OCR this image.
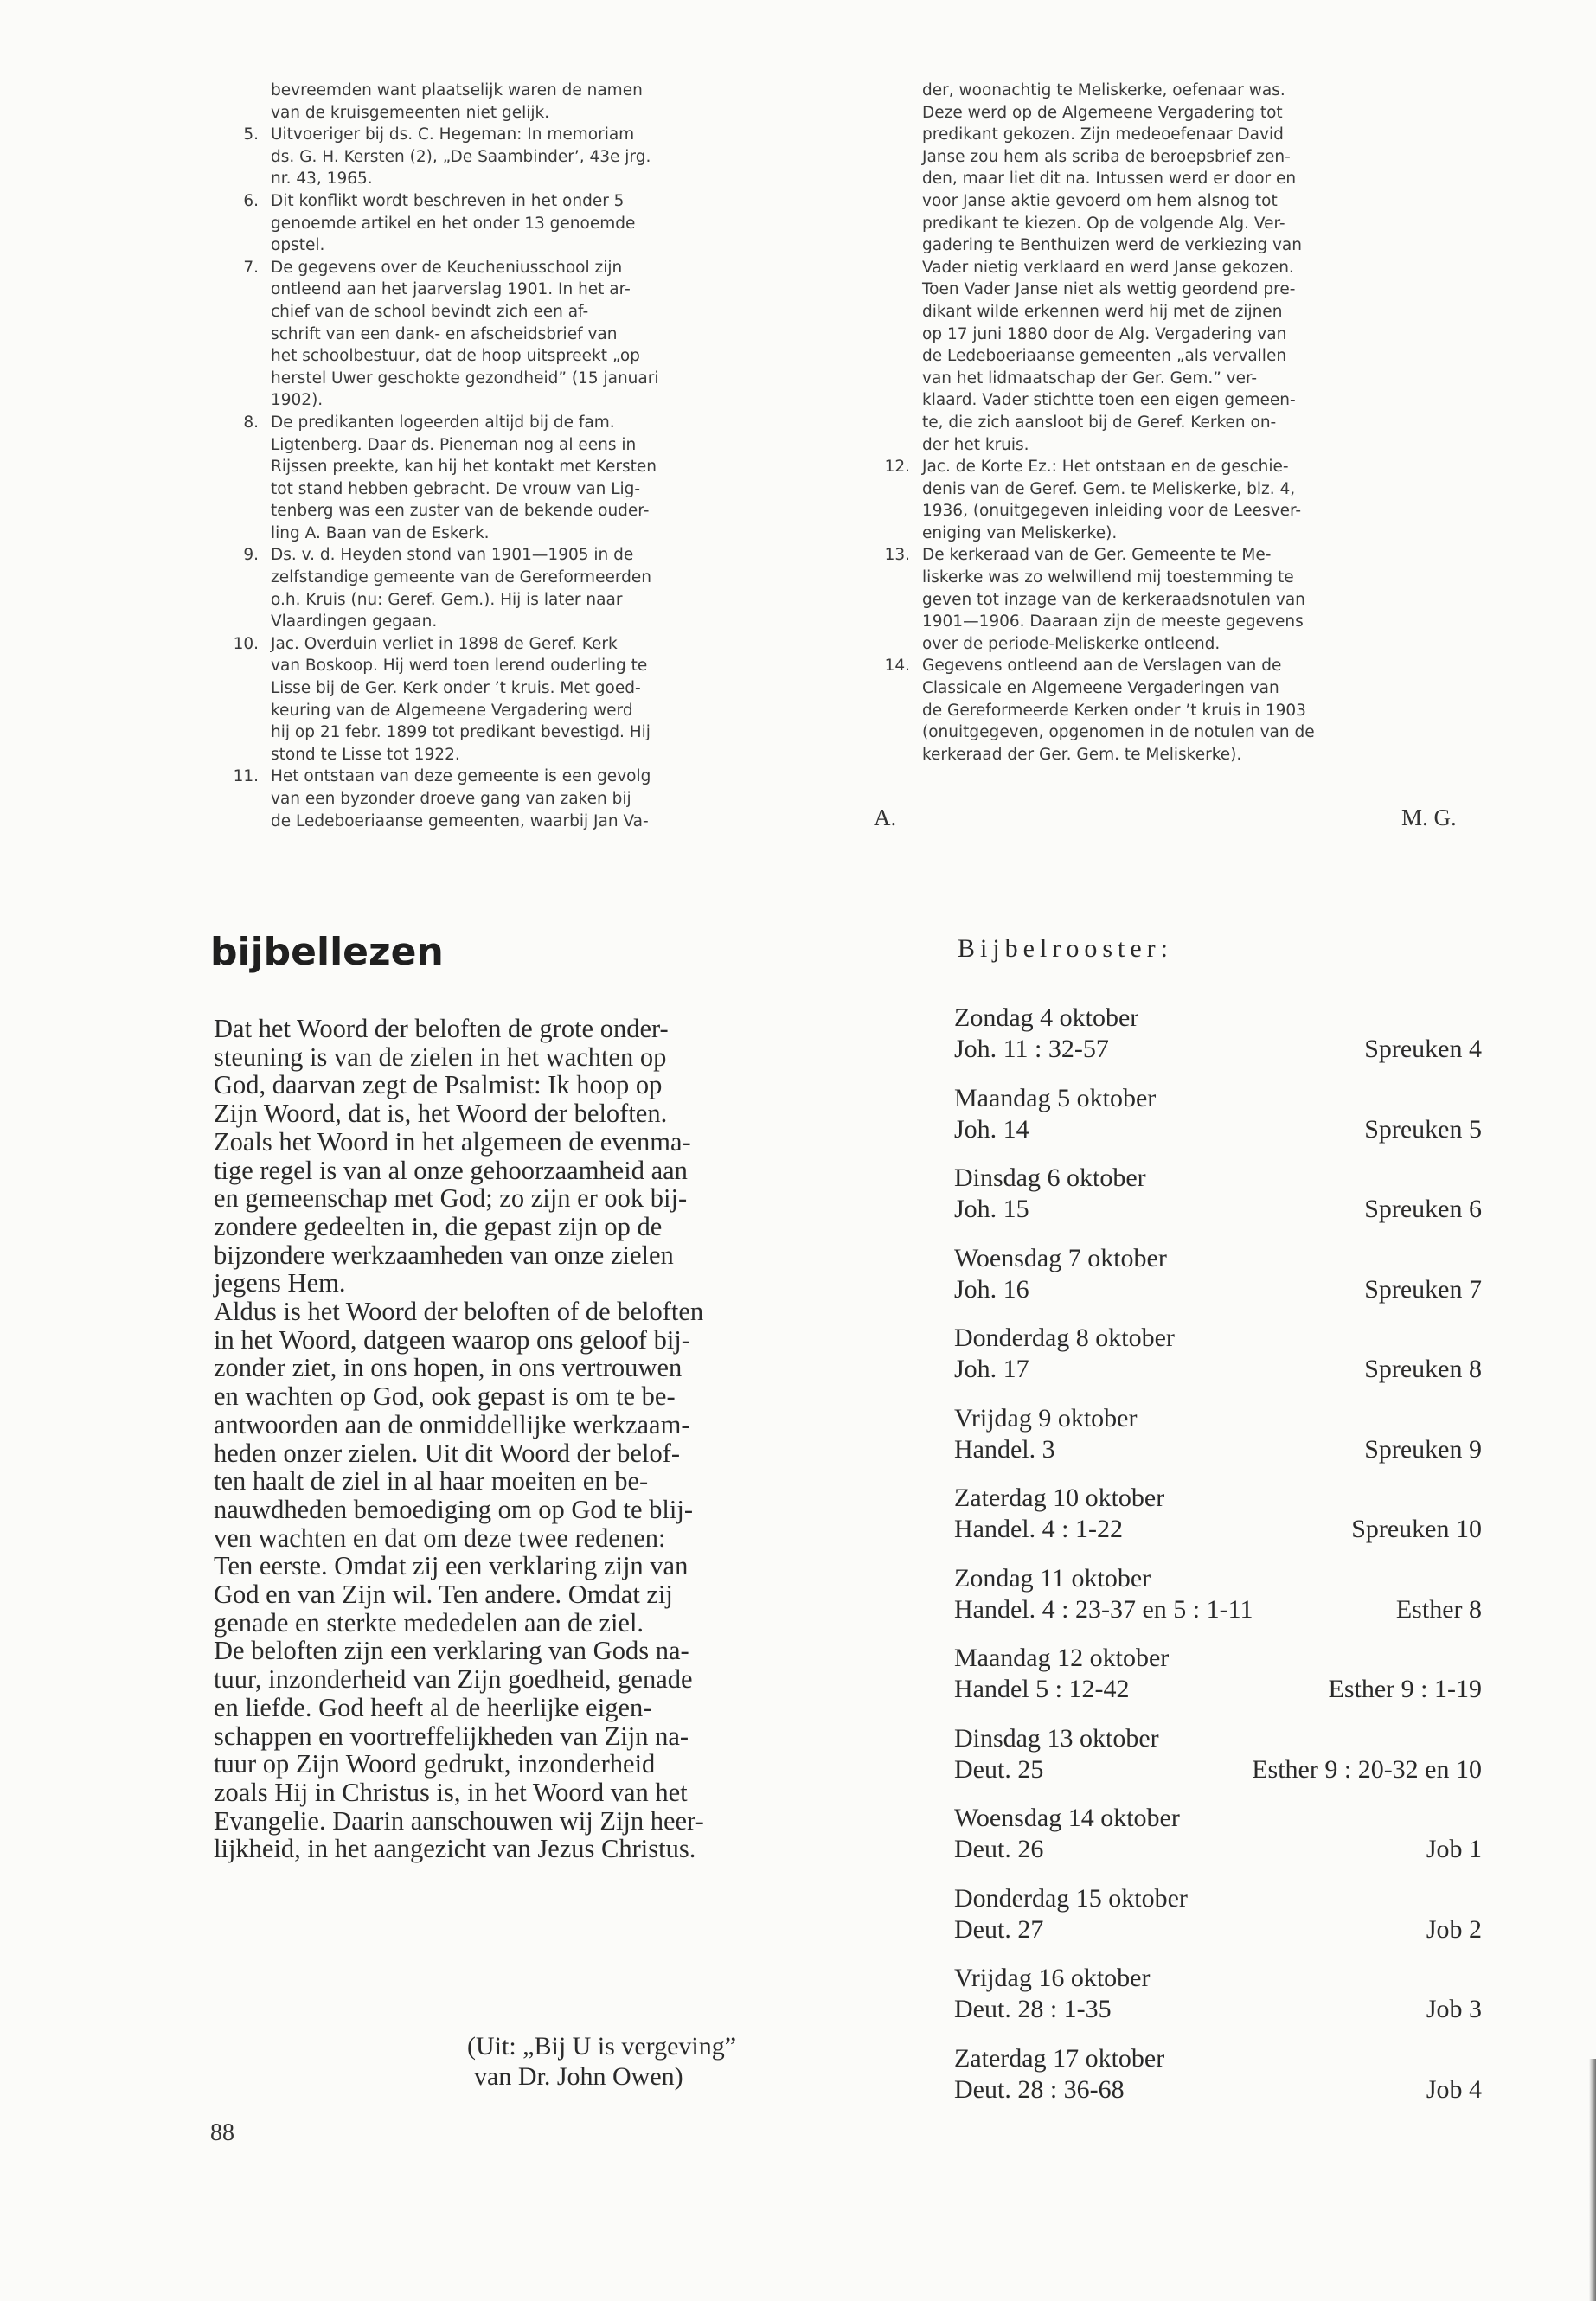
bevreemden want plaatselijk waren de namen
van de kruisgemeenten niet gelijk.
5. Uitvoeriger bij ds. C. Hegeman: In memoriam
ds. G. H. Kersten (2), „De Saambinder’, 43e jrg.
nr. 43, 1965.
6. Dit konflikt wordt beschreven in het onder 5
genoemde artikel en het onder 13 genoemde
opstel.
7. De gegevens over de Keucheniusschool zijn
ontleend aan het jaarverslag 1901. In het ar-
chief van de school bevindt zich een af-
schrift van een dank- en afscheidsbrief van
het schoolbestuur, dat de hoop uitspreekt „op
herstel Uwer geschokte gezondheid” (15 januari
1902).
8. De predikanten logeerden altijd bij de fam.
Ligtenberg. Daar ds. Pieneman nog al eens in
Rijssen preekte, kan hij het kontakt met Kersten
tot stand hebben gebracht. De vrouw van Lig-
tenberg was een zuster van de bekende ouder-
ling A. Baan van de Eskerk.
9. Ds. v. d. Heyden stond van 1901—1905 in de
zelfstandige gemeente van de Gereformeerden
o.h. Kruis (nu: Geref. Gem.). Hij is later naar
Vlaardingen gegaan.
10. Jac. Overduin verliet in 1898 de Geref. Kerk
van Boskoop. Hij werd toen lerend ouderling te
Lisse bij de Ger. Kerk onder ’t kruis. Met goed-
keuring van de Algemeene Vergadering werd
hij op 21 febr. 1899 tot predikant bevestigd. Hij
stond te Lisse tot 1922.
11. Het ontstaan van deze gemeente is een gevolg
van een byzonder droeve gang van zaken bij
de Ledeboeriaanse gemeenten, waarbij Jan Va-
der, woonachtig te Meliskerke, oefenaar was.
Deze werd op de Algemeene Vergadering tot
predikant gekozen. Zijn medeoefenaar David
Janse zou hem als scriba de beroepsbrief zen-
den, maar liet dit na. Intussen werd er door en
voor Janse aktie gevoerd om hem alsnog tot
predikant te kiezen. Op de volgende Alg. Ver-
gadering te Benthuizen werd de verkiezing van
Vader nietig verklaard en werd Janse gekozen.
Toen Vader Janse niet als wettig geordend pre-
dikant wilde erkennen werd hij met de zijnen
op 17 juni 1880 door de Alg. Vergadering van
de Ledeboeriaanse gemeenten „als vervallen
van het lidmaatschap der Ger. Gem.” ver-
klaard. Vader stichtte toen een eigen gemeen-
te, die zich aansloot bij de Geref. Kerken on-
der het kruis.
12. Jac. de Korte Ez.: Het ontstaan en de geschie-
denis van de Geref. Gem. te Meliskerke, blz. 4,
1936, (onuitgegeven inleiding voor de Leesver-
eniging van Meliskerke).
13. De kerkeraad van de Ger. Gemeente te Me-
liskerke was zo welwillend mij toestemming te
geven tot inzage van de kerkeraadsnotulen van
1901—1906. Daaraan zijn de meeste gegevens
over de periode-Meliskerke ontleend.
14. Gegevens ontleend aan de Verslagen van de
Classicale en Algemeene Vergaderingen van
de Gereformeerde Kerken onder ’t kruis in 1903
(onuitgegeven, opgenomen in de notulen van de
kerkeraad der Ger. Gem. te Meliskerke).
A.	M. G.
bijbellezen	Bijbelrooster:
Dat het Woord der beloften de grote onder-
steuning is van de zielen in het wachten op
God, daarvan zegt de Psalmist: Ik hoop op
Zijn Woord, dat is, het Woord der beloften.
Zoals het Woord in het algemeen de evenma-
tige regel is van al onze gehoorzaamheid aan
en gemeenschap met God; zo zijn er ook bij-
zondere gedeelten in, die gepast zijn op de
bijzondere werkzaamheden van onze zielen
jegens Hem.
Aldus is het Woord der beloften of de beloften
in het Woord, datgeen waarop ons geloof bij-
zonder ziet, in ons hopen, in ons vertrouwen
en wachten op God, ook gepast is om te be-
antwoorden aan de onmiddellijke werkzaam-
heden onzer zielen. Uit dit Woord der belof-
ten haalt de ziel in al haar moeiten en be-
nauwdheden bemoediging om op God te blij-
ven wachten en dat om deze twee redenen:
Ten eerste. Omdat zij een verklaring zijn van
God en van Zijn wil. Ten andere. Omdat zij
genade en sterkte mededelen aan de ziel.
De beloften zijn een verklaring van Gods na-
tuur, inzonderheid van Zijn goedheid, genade
en liefde. God heeft al de heerlijke eigen-
schappen en voortreffelijkheden van Zijn na-
tuur op Zijn Woord gedrukt, inzonderheid
zoals Hij in Christus is, in het Woord van het
Evangelie. Daarin aanschouwen wij Zijn heer-
lijkheid, in het aangezicht van Jezus Christus.
(Uit: „Bij U is vergeving”
van Dr. John Owen)
Zondag 4 oktober
Joh. 11 : 32-57	Spreuken 4
Maandag 5 oktober
Joh. 14	Spreuken 5
Dinsdag 6 oktober
Joh. 15	Spreuken 6
Woensdag 7 oktober
Joh. 16	Spreuken 7
Donderdag 8 oktober
Joh. 17	Spreuken 8
Vrijdag 9 oktober
Handel. 3	Spreuken 9
Zaterdag 10 oktober
Handel. 4 : 1-22	Spreuken 10
Zondag 11 oktober
Handel. 4 : 23-37 en 5 : 1-11	Esther 8
Maandag 12 oktober
Handel 5 : 12-42	Esther 9 : 1-19
Dinsdag 13 oktober
Deut. 25	Esther 9 : 20-32 en 10
Woensdag 14 oktober
Deut. 26	Job 1
Donderdag 15 oktober
Deut. 27	Job 2
Vrijdag 16 oktober
Deut. 28 : 1-35	Job 3
Zaterdag 17 oktober
Deut. 28 : 36-68	Job 4
88
